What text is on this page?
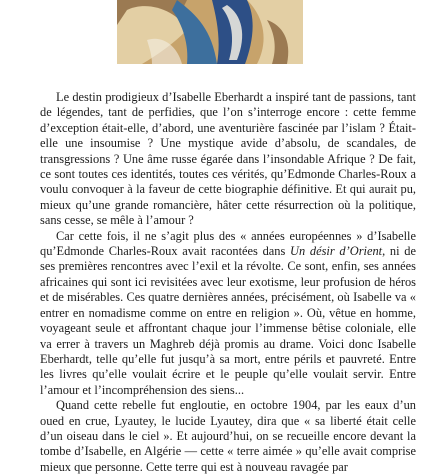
Le destin prodigieux d’Isabelle Eberhardt a inspiré tant de passions, tant de légendes, tant de perfidies, que l’on s’interroge encore : cette femme d’exception était-elle, d’abord, une aventurière fascinée par l’islam ? Était-elle une insoumise ? Une mystique avide d’absolu, de scandales, de transgressions ? Une âme russe égarée dans l’insondable Afrique ? De fait, ce sont toutes ces identités, toutes ces vérités, qu’Edmonde Charles-Roux a voulu convoquer à la faveur de cette biographie définitive. Et qui aurait pu, mieux qu’une grande romancière, hâter cette résurrection où la politique, sans cesse, se mêle à l’amour ?

Car cette fois, il ne s’agit plus des « années européennes » d’Isabelle qu’Edmonde Charles-Roux avait racontées dans Un désir d’Orient, ni de ses premières rencontres avec l’exil et la révolte. Ce sont, enfin, ses années africaines qui sont ici revisitées avec leur exotisme, leur profusion de héros et de misérables. Ces quatre dernières années, précisément, où Isabelle va « entrer en nomadisme comme on entre en religion ». Où, vêtue en homme, voyageant seule et affrontant chaque jour l’immense bêtise coloniale, elle va errer à travers un Maghreb déjà promis au drame. Voici donc Isabelle Eberhardt, telle qu’elle fut jusqu’à sa mort, entre périls et pauvreté. Entre les livres qu’elle voulait écrire et le peuple qu’elle voulait servir. Entre l’amour et l’incompréhension des siens...

Quand cette rebelle fut engloutie, en octobre 1904, par les eaux d’un oued en crue, Lyautey, le lucide Lyautey, dira que « sa liberté était celle d’un oiseau dans le ciel ». Et aujourd’hui, on se recueille encore devant la tombe d’Isabelle, en Algérie — cette « terre aimée » qu’elle avait comprise mieux que personne. Cette terre qui est à nouveau ravagée par
